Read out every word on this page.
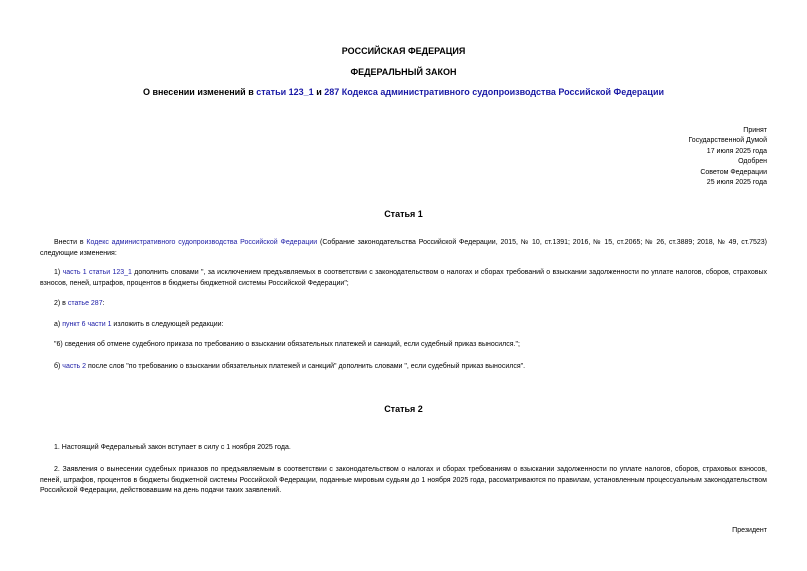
РОССИЙСКАЯ ФЕДЕРАЦИЯ
ФЕДЕРАЛЬНЫЙ ЗАКОН
О внесении изменений в статьи 123_1 и 287 Кодекса административного судопроизводства Российской Федерации
Принят
Государственной Думой
17 июля 2025 года
Одобрен
Советом Федерации
25 июля 2025 года
Статья 1
Внести в Кодекс административного судопроизводства Российской Федерации (Собрание законодательства Российской Федерации, 2015, № 10, ст.1391; 2016, № 15, ст.2065; № 26, ст.3889; 2018, № 49, ст.7523) следующие изменения:
1) часть 1 статьи 123_1 дополнить словами ", за исключением предъявляемых в соответствии с законодательством о налогах и сборах требований о взыскании задолженности по уплате налогов, сборов, страховых взносов, пеней, штрафов, процентов в бюджеты бюджетной системы Российской Федерации";
2) в статье 287:
а) пункт 6 части 1 изложить в следующей редакции:
"6) сведения об отмене судебного приказа по требованию о взыскании обязательных платежей и санкций, если судебный приказ выносился.";
б) часть 2 после слов "по требованию о взыскании обязательных платежей и санкций" дополнить словами ", если судебный приказ выносился".
Статья 2
1. Настоящий Федеральный закон вступает в силу с 1 ноября 2025 года.
2. Заявления о вынесении судебных приказов по предъявляемым в соответствии с законодательством о налогах и сборах требованиям о взыскании задолженности по уплате налогов, сборов, страховых взносов, пеней, штрафов, процентов в бюджеты бюджетной системы Российской Федерации, поданные мировым судьям до 1 ноября 2025 года, рассматриваются по правилам, установленным процессуальным законодательством Российской Федерации, действовавшим на день подачи таких заявлений.
Президент
